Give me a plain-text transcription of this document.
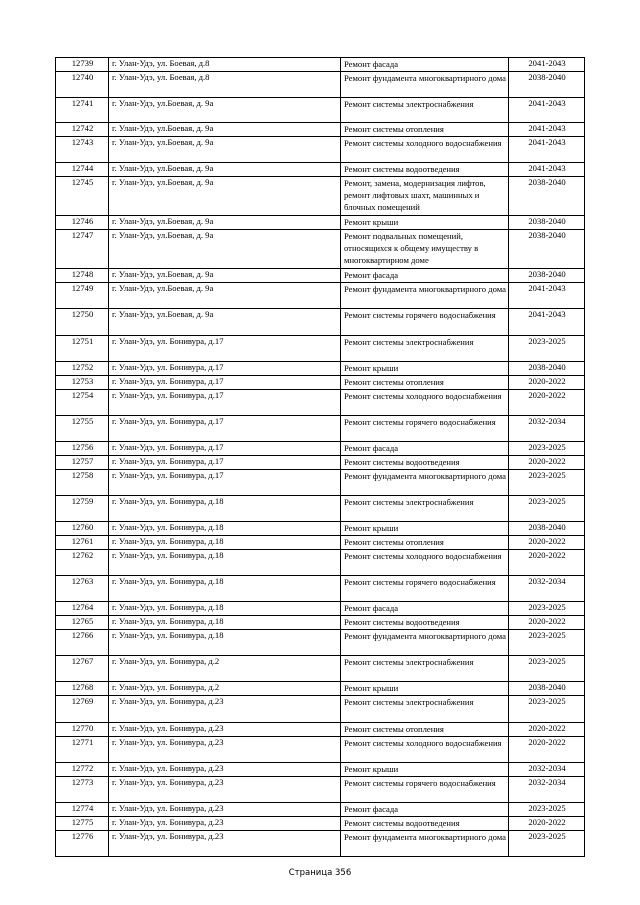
12739	г. Улан-Удэ, ул. Боевая, д.8	Ремонт фасада	2041-2043
12740	г. Улан-Удэ, ул. Боевая, д.8	Ремонт фундамента многоквартирного дома	2038-2040
12741	г. Улан-Удэ, ул.Боевая, д. 9а	Ремонт системы электроснабжения	2041-2043
12742	г. Улан-Удэ, ул.Боевая, д. 9а	Ремонт системы отопления	2041-2043
12743	г. Улан-Удэ, ул.Боевая, д. 9а	Ремонт системы холодного водоснабжения	2041-2043
12744	г. Улан-Удэ, ул.Боевая, д. 9а	Ремонт системы водоотведения	2041-2043
12745	г. Улан-Удэ, ул.Боевая, д. 9а	Ремонт, замена, модернизация лифтов, ремонт лифтовых шахт, машинных и блочных помещений	2038-2040
12746	г. Улан-Удэ, ул.Боевая, д. 9а	Ремонт крыши	2038-2040
12747	г. Улан-Удэ, ул.Боевая, д. 9а	Ремонт подвальных помещений, относящихся к общему имуществу в многоквартирном доме	2038-2040
12748	г. Улан-Удэ, ул.Боевая, д. 9а	Ремонт фасада	2038-2040
12749	г. Улан-Удэ, ул.Боевая, д. 9а	Ремонт фундамента многоквартирного дома	2041-2043
12750	г. Улан-Удэ, ул.Боевая, д. 9а	Ремонт системы горячего водоснабжения	2041-2043
12751	г. Улан-Удэ, ул. Бонивура, д.17	Ремонт системы электроснабжения	2023-2025
12752	г. Улан-Удэ, ул. Бонивура, д.17	Ремонт крыши	2038-2040
12753	г. Улан-Удэ, ул. Бонивура, д.17	Ремонт системы отопления	2020-2022
12754	г. Улан-Удэ, ул. Бонивура, д.17	Ремонт системы холодного водоснабжения	2020-2022
12755	г. Улан-Удэ, ул. Бонивура, д.17	Ремонт системы горячего водоснабжения	2032-2034
12756	г. Улан-Удэ, ул. Бонивура, д.17	Ремонт фасада	2023-2025
12757	г. Улан-Удэ, ул. Бонивура, д.17	Ремонт системы водоотведения	2020-2022
12758	г. Улан-Удэ, ул. Бонивура, д.17	Ремонт фундамента многоквартирного дома	2023-2025
12759	г. Улан-Удэ, ул. Бонивура, д.18	Ремонт системы электроснабжения	2023-2025
12760	г. Улан-Удэ, ул. Бонивура, д.18	Ремонт крыши	2038-2040
12761	г. Улан-Удэ, ул. Бонивура, д.18	Ремонт системы отопления	2020-2022
12762	г. Улан-Удэ, ул. Бонивура, д.18	Ремонт системы холодного водоснабжения	2020-2022
12763	г. Улан-Удэ, ул. Бонивура, д.18	Ремонт системы горячего водоснабжения	2032-2034
12764	г. Улан-Удэ, ул. Бонивура, д.18	Ремонт фасада	2023-2025
12765	г. Улан-Удэ, ул. Бонивура, д.18	Ремонт системы водоотведения	2020-2022
12766	г. Улан-Удэ, ул. Бонивура, д.18	Ремонт фундамента многоквартирного дома	2023-2025
12767	г. Улан-Удэ, ул. Бонивура, д.2	Ремонт системы электроснабжения	2023-2025
12768	г. Улан-Удэ, ул. Бонивура, д.2	Ремонт крыши	2038-2040
12769	г. Улан-Удэ, ул. Бонивура, д.23	Ремонт системы электроснабжения	2023-2025
12770	г. Улан-Удэ, ул. Бонивура, д.23	Ремонт системы отопления	2020-2022
12771	г. Улан-Удэ, ул. Бонивура, д.23	Ремонт системы холодного водоснабжения	2020-2022
12772	г. Улан-Удэ, ул. Бонивура, д.23	Ремонт крыши	2032-2034
12773	г. Улан-Удэ, ул. Бонивура, д.23	Ремонт системы горячего водоснабжения	2032-2034
12774	г. Улан-Удэ, ул. Бонивура, д.23	Ремонт фасада	2023-2025
12775	г. Улан-Удэ, ул. Бонивура, д.23	Ремонт системы водоотведения	2020-2022
12776	г. Улан-Удэ, ул. Бонивура, д.23	Ремонт фундамента многоквартирного дома	2023-2025
Страница 356
